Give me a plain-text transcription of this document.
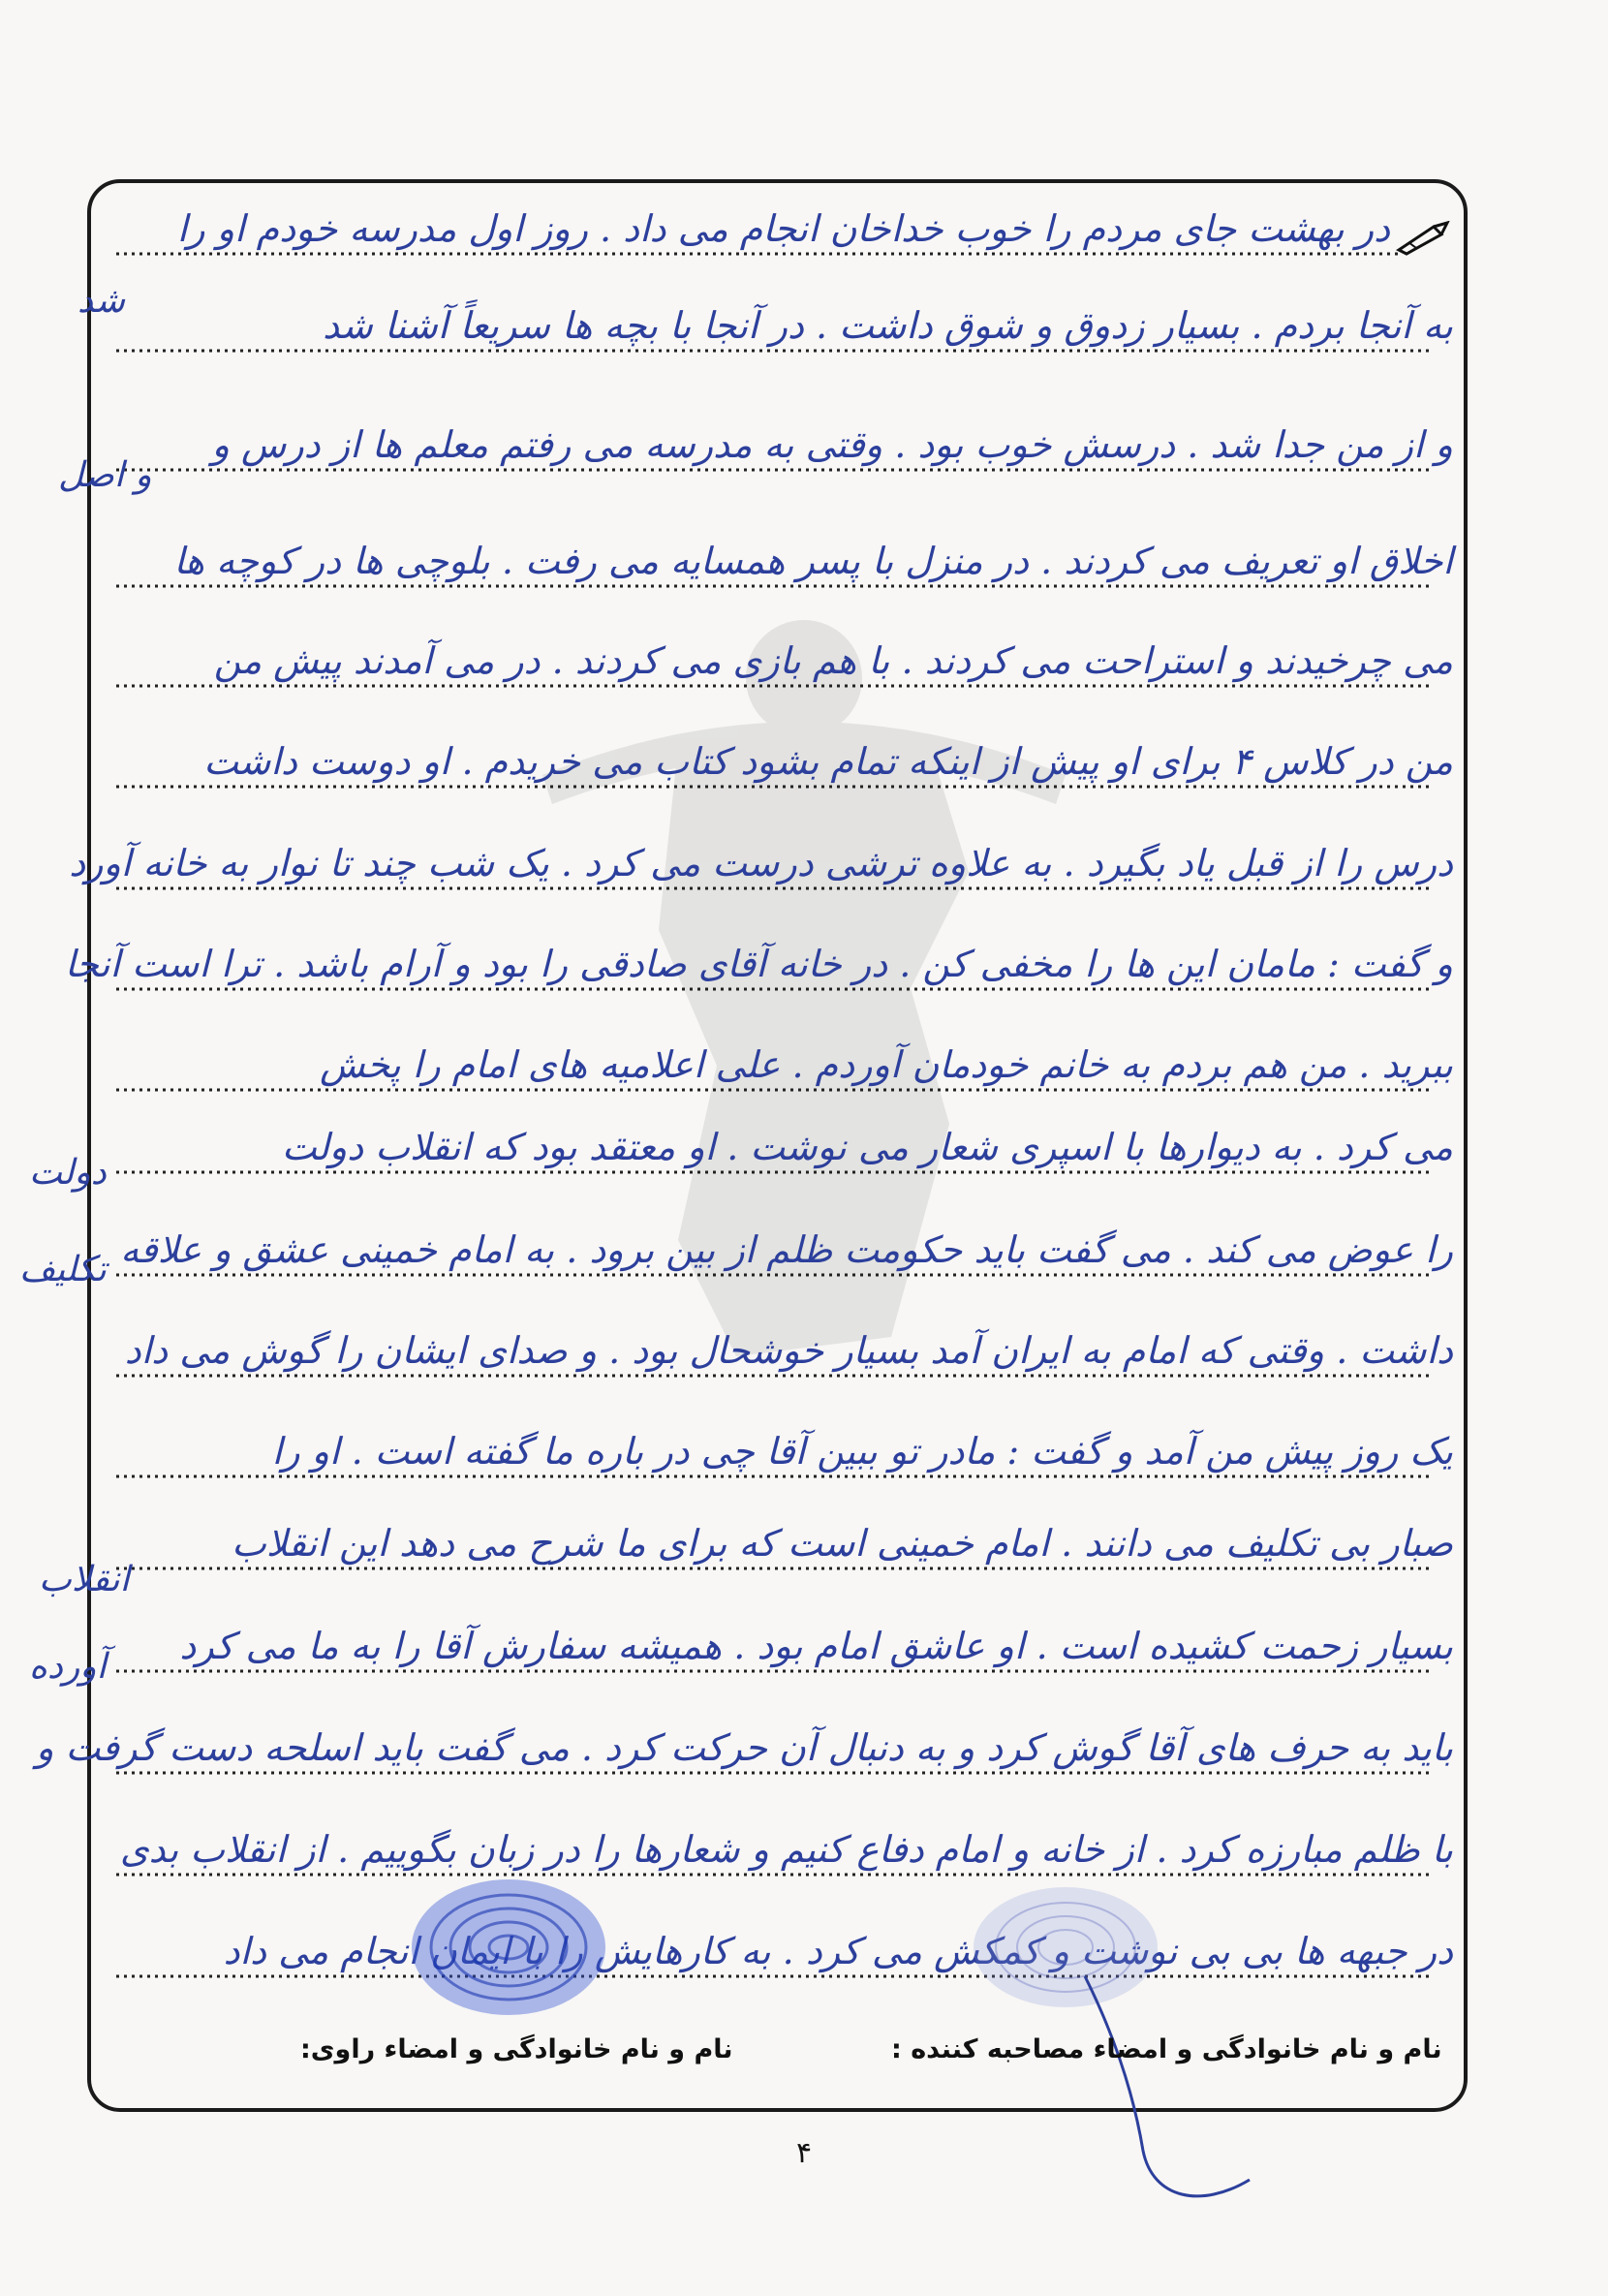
در بهشت جای مردم را خوب خداخان انجام می داد . روز اول مدرسه خودم او را
به آنجا بردم . بسیار زدوق و شوق داشت . در آنجا با بچه ها سریعاً آشنا شد
و از من جدا شد . درسش خوب بود . وقتی به مدرسه می رفتم معلم ها از درس و
اخلاق او تعریف می کردند . در منزل با پسر همسایه می رفت . بلوچی ها در کوچه ها
می چرخیدند و استراحت می کردند . با هم بازی می کردند . در می آمدند پیش من
من در کلاس ۴ برای او پیش از اینکه تمام بشود کتاب می خریدم . او دوست داشت
درس را از قبل یاد بگیرد . به علاوه ترشی درست می کرد . یک شب چند تا نوار به خانه آورد
و گفت : مامان این ها را مخفی کن . در خانه آقای صادقی را بود و آرام باشد . ترا است آنجا
ببرید . من هم بردم به خانم خودمان آوردم . علی اعلامیه های امام را پخش
می کرد . به دیوارها با اسپری شعار می نوشت . او معتقد بود که انقلاب دولت
را عوض می کند . می گفت باید حکومت ظلم از بین برود . به امام خمینی عشق و علاقه
داشت . وقتی که امام به ایران آمد بسیار خوشحال بود . و صدای ایشان را گوش می داد
یک روز پیش من آمد و گفت : مادر تو ببین آقا چی در باره ما گفته است . او را
صبار بی تکلیف می دانند . امام خمینی است که برای ما شرح می دهد این انقلاب
بسیار زحمت کشیده است . او عاشق امام بود . همیشه سفارش آقا را به ما می کرد
باید به حرف های آقا گوش کرد و به دنبال آن حرکت کرد . می گفت باید اسلحه دست گرفت و
با ظلم مبارزه کرد . از خانه و امام دفاع کنیم و شعارها را در زبان بگوییم . از انقلاب بدی
در جبهه ها بی بی نوشت و کمکش می کرد . به کارهایش را با ایمان انجام می داد
شد
و اصل
دولت
تکلیف
انقلاب
آورده
نام و نام خانوادگی و امضاء مصاحبه کننده :
نام و نام خانوادگی و امضاء راوی:
۴
